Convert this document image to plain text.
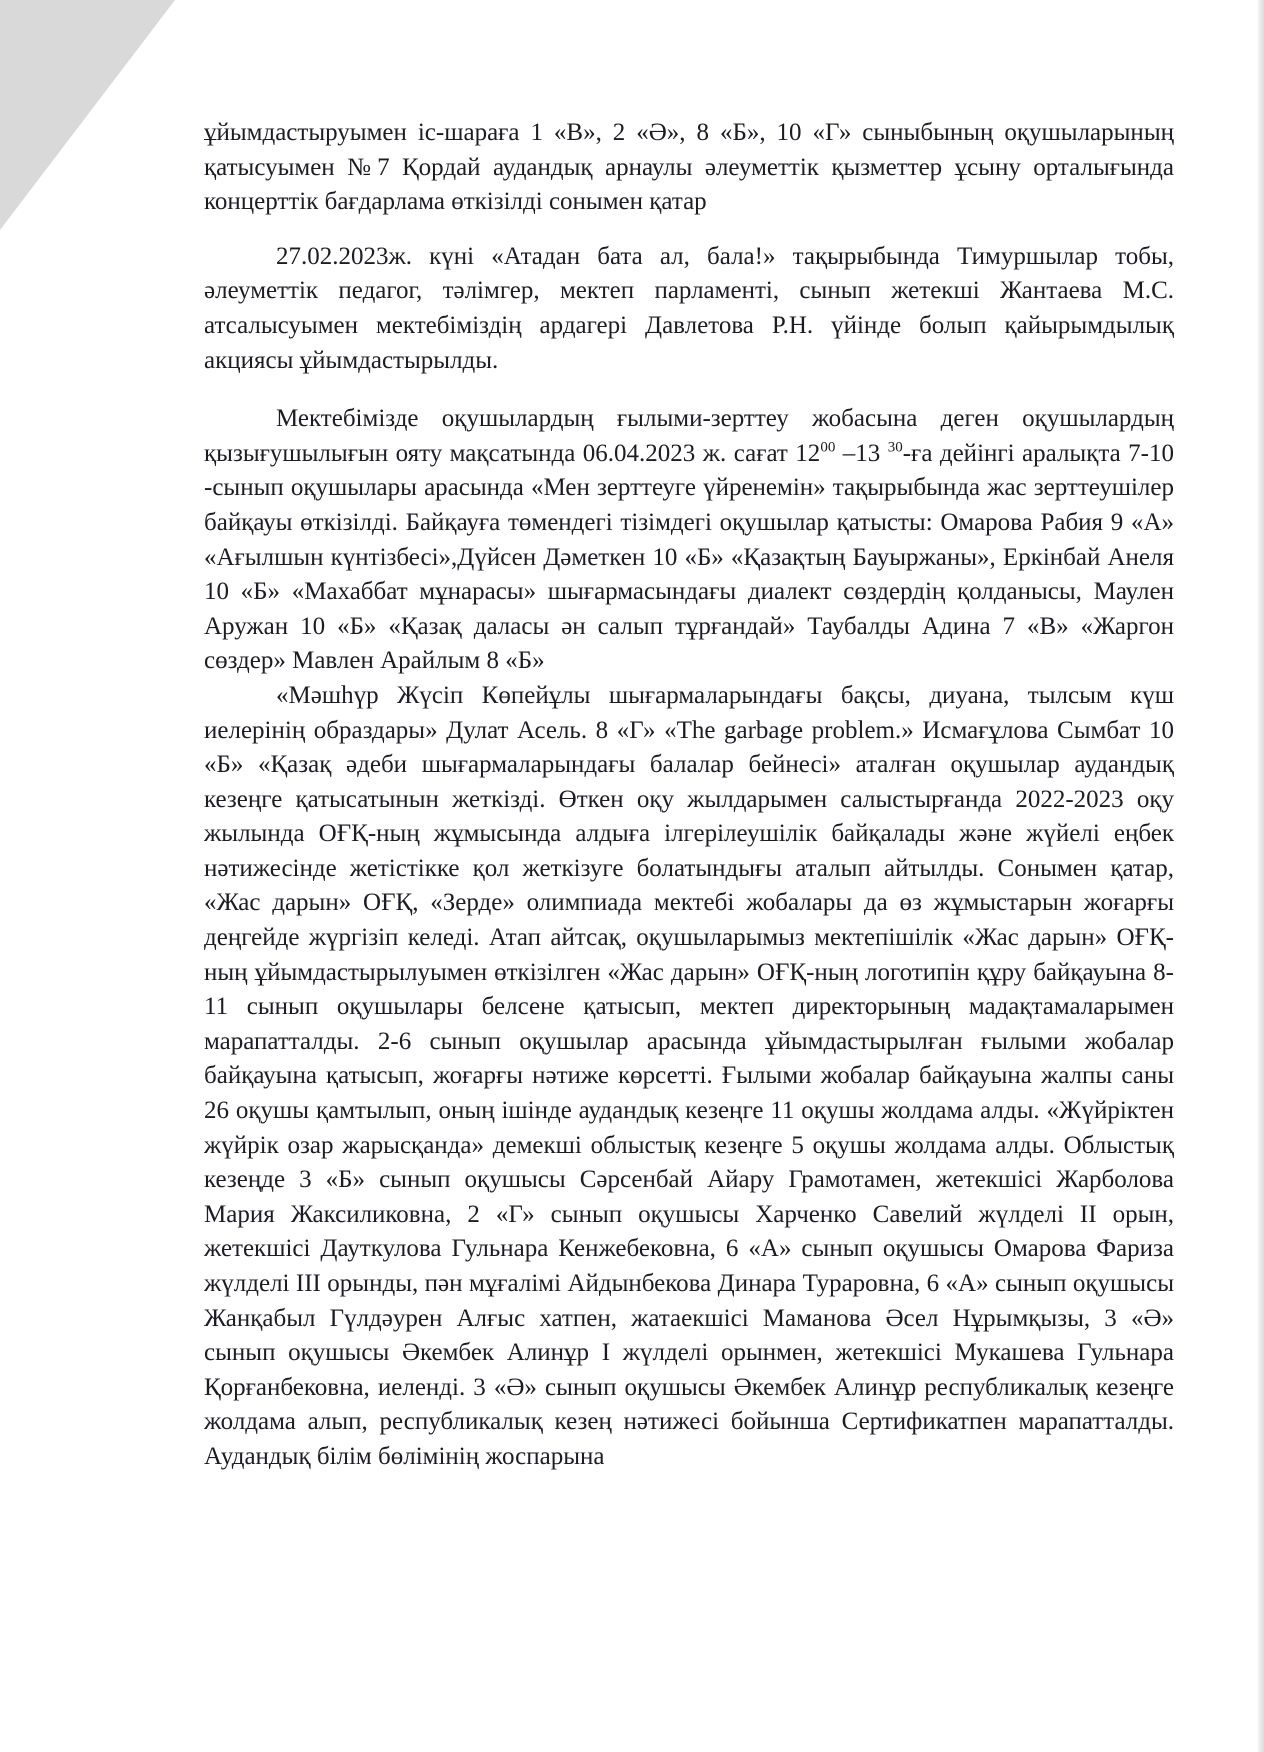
ұйымдастыруымен іс-шараға 1 «В», 2 «Ә», 8 «Б», 10 «Г» сыныбының оқушыларының қатысуымен №7 Қордай аудандық арнаулы әлеуметтік қызметтер ұсыну орталығында концерттік бағдарлама өткізілді сонымен қатар

27.02.2023ж. күні «Атадан бата ал, бала!» тақырыбында Тимуршылар тобы, әлеуметтік педагог, тәлімгер, мектеп парламенті, сынып жетекші Жантаева М.С. атсалысуымен мектебіміздің ардагері Давлетова Р.Н. үйінде болып қайырымдылық акциясы ұйымдастырылды.

Мектебімізде оқушылардың ғылыми-зерттеу жобасына деген оқушылардың қызығушылығын ояту мақсатында 06.04.2023 ж. сағат $12^{00}$ –13 $^{30}$-ға дейінгі аралықта 7-10 -сынып оқушылары арасында «Мен зерттеуге үйренемін» тақырыбында жас зерттеушілер байқауы өткізілді. Байқауға төмендегі тізімдегі оқушылар қатысты: Омарова Рабия 9 «А» «Ағылшын күнтізбесі»,Дүйсен Дәметкен 10 «Б» «Қазақтың Бауыржаны», Еркінбай Анеля 10 «Б» «Махаббат мұнарасы» шығармасындағы диалект сөздердің қолданысы, Маулен Аружан 10 «Б» «Қазақ даласы ән салып тұрғандай» Таубалды Адина 7 «В» «Жаргон сөздер» Мавлен Арайлым 8 «Б»

«Мәшһүр Жүсіп Көпейұлы шығармаларындағы бақсы, диуана, тылсым күш иелерінің образдары» Дулат Асель. 8 «Г» «The garbage problem.» Исмағұлова Сымбат 10 «Б» «Қазақ әдеби шығармаларындағы балалар бейнесі» аталған оқушылар аудандық кезеңге қатысатынын жеткізді. Өткен оқу жылдарымен салыстырғанда 2022-2023 оқу жылында ОҒҚ-ның жұмысында алдыға ілгерілеушілік байқалады және жүйелі еңбек нәтижесінде жетістікке қол жеткізуге болатындығы аталып айтылды. Сонымен қатар, «Жас дарын» ОҒҚ, «Зерде» олимпиада мектебі жобалары да өз жұмыстарын жоғарғы деңгейде жүргізіп келеді. Атап айтсақ, оқушыларымыз мектепішілік «Жас дарын» ОҒҚ-ның ұйымдастырылуымен өткізілген «Жас дарын» ОҒҚ-ның логотипін құру байқауына 8-11 сынып оқушылары белсене қатысып, мектеп директорының мадақтамаларымен марапатталды. 2-6 сынып оқушылар арасында ұйымдастырылған ғылыми жобалар байқауына қатысып, жоғарғы нәтиже көрсетті. Ғылыми жобалар байқауына жалпы саны 26 оқушы қамтылып, оның ішінде аудандық кезеңге 11 оқушы жолдама алды. «Жүйріктен жүйрік озар жарысқанда» демекші облыстық кезеңге 5 оқушы жолдама алды. Облыстық кезеңде 3 «Б» сынып оқушысы Сәрсенбай Айару Грамотамен, жетекшісі Жарболова Мария Жаксиликовна, 2 «Г» сынып оқушысы Харченко Савелий жүлделі II орын, жетекшісі Дауткулова Гульнара Кенжебековна, 6 «А» сынып оқушысы Омарова Фариза жүлделі III орынды, пән мұғалімі Айдынбекова Динара Тураровна, 6 «А» сынып оқушысы Жанқабыл Гүлдәурен Алғыс хатпен, жатаекшісі Маманова Әсел Нұрымқызы, 3 «Ә» сынып оқушысы Әкембек Алинұр I жүлделі орынмен, жетекшісі Мукашева Гульнара Қорғанбековна, иеленді. 3 «Ә» сынып оқушысы Әкембек Алинұр республикалық кезеңге жолдама алып, республикалық кезең нәтижесі бойынша Сертификатпен марапатталды. Аудандық білім бөлімінің жоспарына
